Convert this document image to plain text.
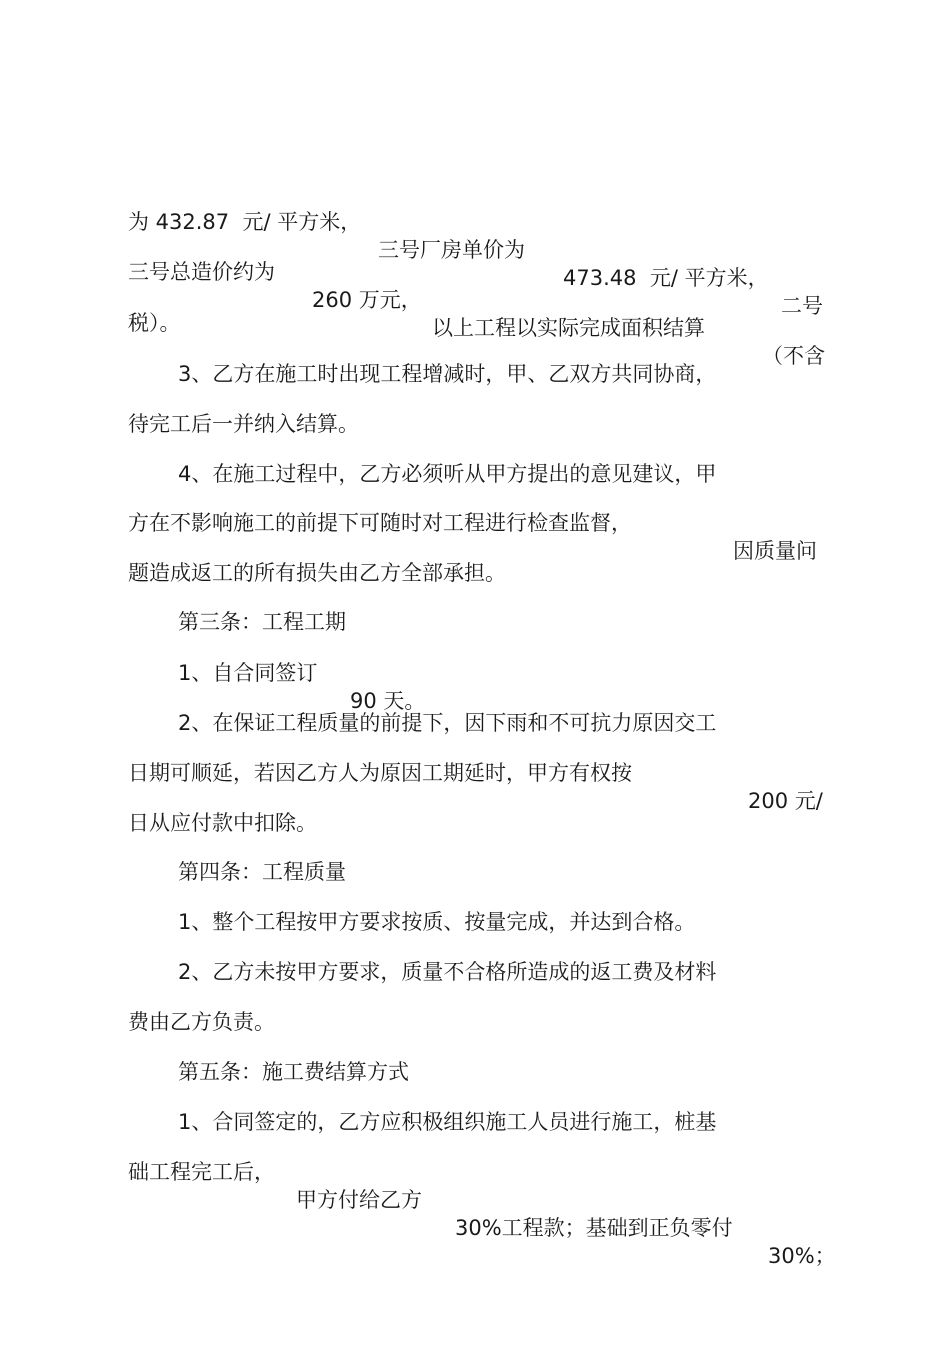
为 432.87  元/ 平方米，

三号厂房单价为

473.48  元/ 平方米，

二号

三号总造价约为

260 万元，

以上工程以实际完成面积结算

（不含

税）。

3、乙方在施工时出现工程增减时，甲、乙双方共同协商，

待完工后一并纳入结算。

4、在施工过程中，乙方必须听从甲方提出的意见建议，甲

方在不影响施工的前提下可随时对工程进行检查监督，

因质量问

题造成返工的所有损失由乙方全部承担。

第三条：工程工期

1、自合同签订

90 天。

2、在保证工程质量的前提下，因下雨和不可抗力原因交工

日期可顺延，若因乙方人为原因工期延时，甲方有权按

200 元/

日从应付款中扣除。

第四条：工程质量

1、整个工程按甲方要求按质、按量完成，并达到合格。

2、乙方未按甲方要求，质量不合格所造成的返工费及材料

费由乙方负责。

第五条：施工费结算方式

1、合同签定的，乙方应积极组织施工人员进行施工，桩基

础工程完工后，

甲方付给乙方

30%工程款；基础到正负零付

30%；
